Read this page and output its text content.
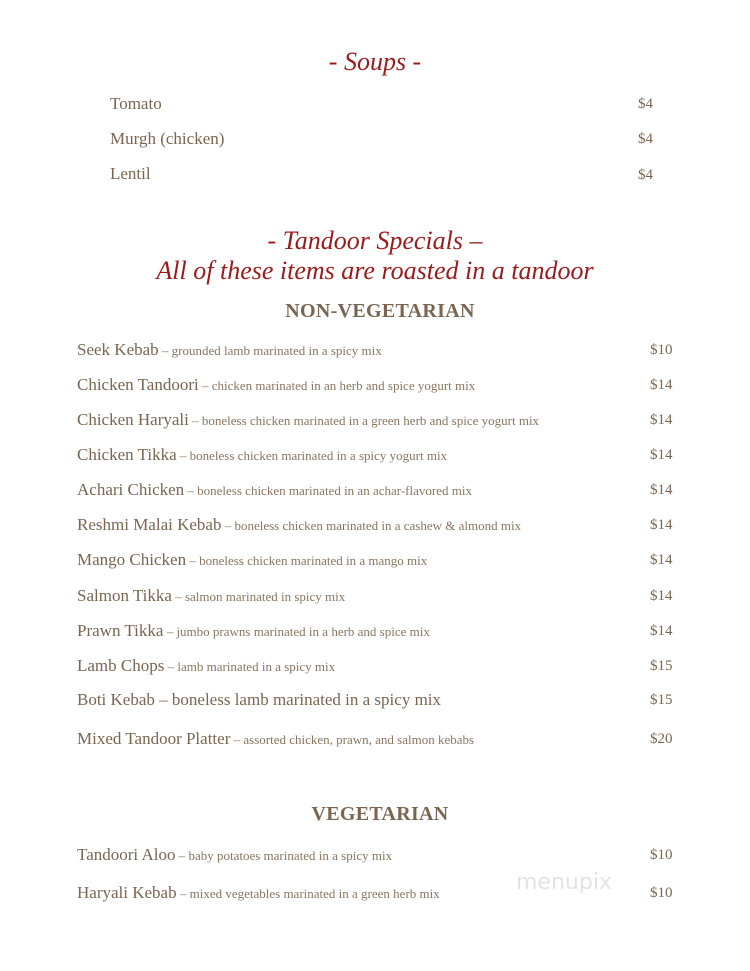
- Soups -
Tomato	$4
Murgh (chicken)	$4
Lentil	$4
- Tandoor Specials –
All of these items are roasted in a tandoor
NON-VEGETARIAN
Seek Kebab – grounded lamb marinated in a spicy mix	$10
Chicken Tandoori – chicken marinated in an herb and spice yogurt mix	$14
Chicken Haryali – boneless chicken marinated in a green herb and spice yogurt mix	$14
Chicken Tikka – boneless chicken marinated in a spicy yogurt mix	$14
Achari Chicken – boneless chicken marinated in an achar-flavored mix	$14
Reshmi Malai Kebab – boneless chicken marinated in a cashew & almond mix	$14
Mango Chicken – boneless chicken marinated in a mango mix	$14
Salmon Tikka – salmon marinated in spicy mix	$14
Prawn Tikka – jumbo prawns marinated in a herb and spice mix	$14
Lamb Chops – lamb marinated in a spicy mix	$15
Boti Kebab – boneless lamb marinated in a spicy mix	$15
Mixed Tandoor Platter – assorted chicken, prawn, and salmon kebabs	$20
VEGETARIAN
Tandoori Aloo – baby potatoes marinated in a spicy mix	$10
Haryali Kebab – mixed vegetables marinated in a green herb mix	$10
menupix
